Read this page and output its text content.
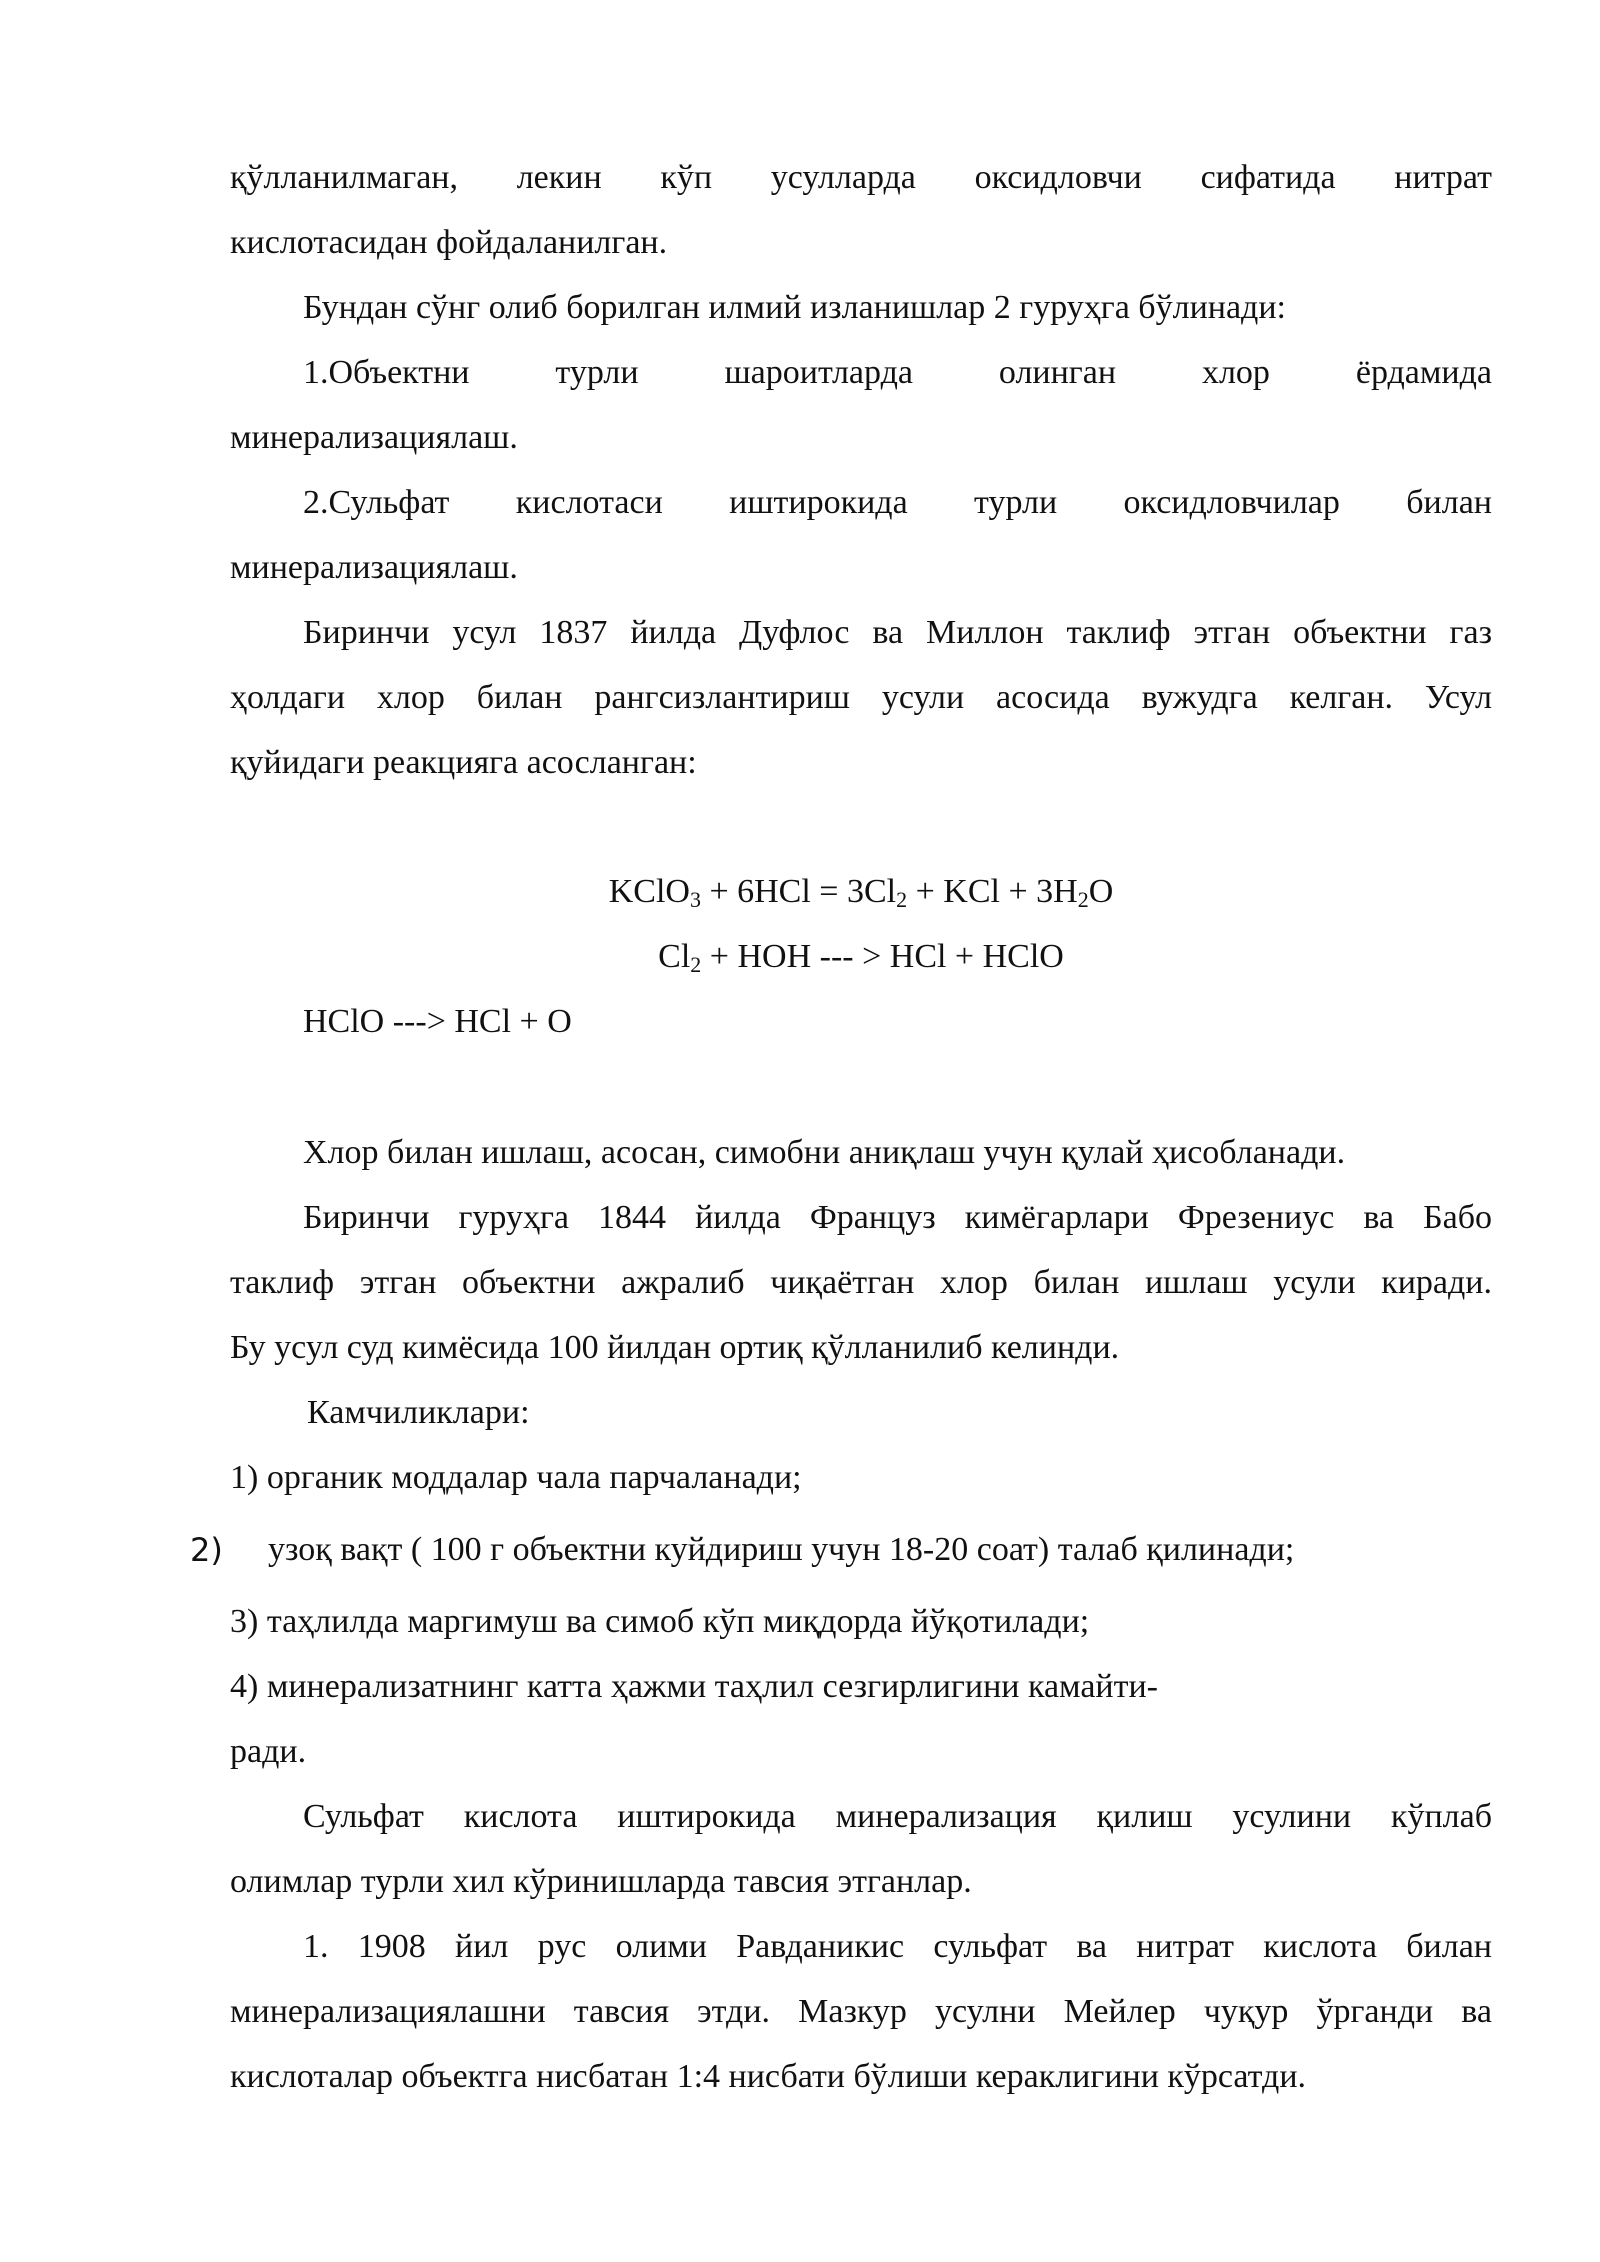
қўлланилмаган, лекин кўп усулларда оксидловчи сифатида нитрат

кислотасидан фойдаланилган.

Бундан сўнг олиб борилган илмий изланишлар 2 гуруҳга бўлинади:

1.Объектни турли шароитларда олинган хлор ёрдамида

минерализациялаш.

2.Сульфат кислотаси иштирокида турли оксидловчилар билан

минерализациялаш.

Биринчи усул 1837 йилда Дуфлос ва Миллон таклиф этган объектни газ

ҳолдаги хлор билан рангсизлантириш усули асосида вужудга келган. Усул

қуйидаги реакцияга асосланган:

KClO$_3$ + $6HCl = 3Cl_2$ + KCl + $3H_2O$

$Cl_2$ + HOH --- > HCl + HClO

HClO ---> HCl + O

Хлор билан ишлаш, асосан, симобни аниқлаш учун қулай ҳисобланади.

Биринчи гуруҳга 1844 йилда Француз кимёгарлари Фрезениус ва Бабо

таклиф этган объектни ажралиб чиқаётган хлор билан ишлаш усули киради.

Бу усул суд кимёсида 100 йилдан ортиқ қўлланилиб келинди.

Камчиликлари:

1) органик моддалар чала парчаланади;

2) узоқ вақт ( 100 г объектни куйдириш учун 18-20 соат) талаб қилинади;

3) таҳлилда маргимуш ва симоб кўп миқдорда йўқотилади;

4) минерализатнинг катта ҳажми таҳлил сезгирлигини камайти-

ради.

Сульфат кислота иштирокида минерализация қилиш усулини кўплаб

олимлар турли хил кўринишларда тавсия этганлар.

1. 1908 йил рус олими Равданикис сульфат ва нитрат кислота билан

минерализациялашни тавсия этди. Мазкур усулни Мейлер чуқур ўрганди ва

кислоталар объектга нисбатан 1:4 нисбати бўлиши кераклигини кўрсатди.
